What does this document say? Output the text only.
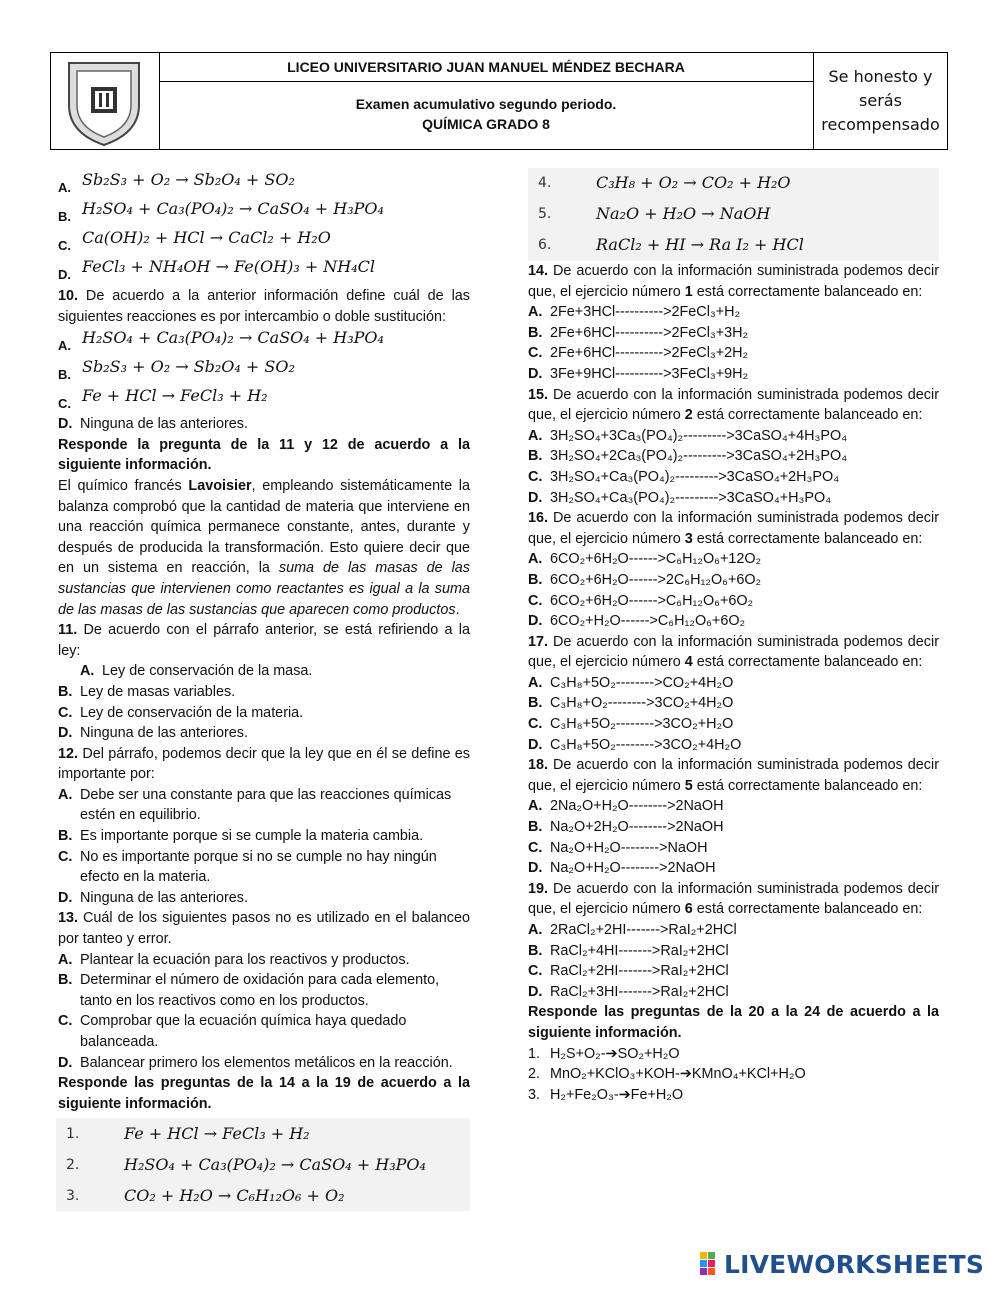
LICEO UNIVERSITARIO JUAN MANUEL MÉNDEZ BECHARA
Examen acumulativo segundo periodo.
QUÍMICA GRADO 8
Se honesto y serás recompensado
A. Sb₂S₃ + O₂ → Sb₂O₄ + SO₂
B. H₂SO₄ + Ca₃(PO₄)₂ → CaSO₄ + H₃PO₄
C. Ca(OH)₂ + HCl → CaCl₂ + H₂O
D. FeCl₃ + NH₄OH → Fe(OH)₃ + NH₄Cl

10. De acuerdo a la anterior información define cuál de las siguientes reacciones es por intercambio o doble sustitución:

A. H₂SO₄ + Ca₃(PO₄)₂ → CaSO₄ + H₃PO₄
B. Sb₂S₃ + O₂ → Sb₂O₄ + SO₂
C. Fe + HCl → FeCl₃ + H₂
D. Ninguna de las anteriores.

Responde la pregunta de la 11 y 12 de acuerdo a la siguiente información.

El químico francés Lavoisier, empleando sistemáticamente la balanza comprobó que la cantidad de materia que interviene en una reacción química permanece constante, antes, durante y después de producida la transformación. Esto quiere decir que en un sistema en reacción, la suma de las masas de las sustancias que intervienen como reactantes es igual a la suma de las masas de las sustancias que aparecen como productos.

11. De acuerdo con el párrafo anterior, se está refiriendo a la ley:

A. Ley de conservación de la masa.
B. Ley de masas variables.
C. Ley de conservación de la materia.
D. Ninguna de las anteriores.

12. Del párrafo, podemos decir que la ley que en él se define es importante por:

A. Debe ser una constante para que las reacciones químicas estén en equilibrio.
B. Es importante porque si se cumple la materia cambia.
C. No es importante porque si no se cumple no hay ningún efecto en la materia.
D. Ninguna de las anteriores.

13. Cuál de los siguientes pasos no es utilizado en el balanceo por tanteo y error.

A. Plantear la ecuación para los reactivos y productos.
B. Determinar el número de oxidación para cada elemento, tanto en los reactivos como en los productos.
C. Comprobar que la ecuación química haya quedado balanceada.
D. Balancear primero los elementos metálicos en la reacción.

Responde las preguntas de la 14 a la 19 de acuerdo a la siguiente información.

1.	Fe + HCl → FeCl₃ + H₂
2.	H₂SO₄ + Ca₃(PO₄)₂ → CaSO₄ + H₃PO₄
3.	CO₂ + H₂O → C₆H₁₂O₆ + O₂
4.	C₃H₈ + O₂ → CO₂ + H₂O
5.	Na₂O + H₂O → NaOH
6.	RaCl₂ + HI → Ra I₂ + HCl

14. De acuerdo con la información suministrada podemos decir que, el ejercicio número 1 está correctamente balanceado en:

A. 2Fe+3HCl---------->2FeCl₃+H₂
B. 2Fe+6HCl---------->2FeCl₃+3H₂
C. 2Fe+6HCl---------->2FeCl₃+2H₂
D. 3Fe+9HCl---------->3FeCl₃+9H₂

15. De acuerdo con la información suministrada podemos decir que, el ejercicio número 2 está correctamente balanceado en:

A. 3H₂SO₄+3Ca₃(PO₄)₂--------->3CaSO₄+4H₃PO₄
B. 3H₂SO₄+2Ca₃(PO₄)₂--------->3CaSO₄+2H₃PO₄
C. 3H₂SO₄+Ca₃(PO₄)₂--------->3CaSO₄+2H₃PO₄
D. 3H₂SO₄+Ca₃(PO₄)₂--------->3CaSO₄+H₃PO₄

16. De acuerdo con la información suministrada podemos decir que, el ejercicio número 3 está correctamente balanceado en:

A. 6CO₂+6H₂O------>C₆H₁₂O₆+12O₂
B. 6CO₂+6H₂O------>2C₆H₁₂O₆+6O₂
C. 6CO₂+6H₂O------>C₆H₁₂O₆+6O₂
D. 6CO₂+H₂O------>C₆H₁₂O₆+6O₂

17. De acuerdo con la información suministrada podemos decir que, el ejercicio número 4 está correctamente balanceado en:

A. C₃H₈+5O₂-------->CO₂+4H₂O
B. C₃H₈+O₂-------->3CO₂+4H₂O
C. C₃H₈+5O₂-------->3CO₂+H₂O
D. C₃H₈+5O₂-------->3CO₂+4H₂O

18. De acuerdo con la información suministrada podemos decir que, el ejercicio número 5 está correctamente balanceado en:

A. 2Na₂O+H₂O-------->2NaOH
B. Na₂O+2H₂O-------->2NaOH
C. Na₂O+H₂O-------->NaOH
D. Na₂O+H₂O-------->2NaOH

19. De acuerdo con la información suministrada podemos decir que, el ejercicio número 6 está correctamente balanceado en:

A. 2RaCl₂+2HI------->RaI₂+2HCl
B. RaCl₂+4HI------->RaI₂+2HCl
C. RaCl₂+2HI------->RaI₂+2HCl
D. RaCl₂+3HI------->RaI₂+2HCl

Responde las preguntas de la 20 a la 24 de acuerdo a la siguiente información.

1. H₂S+O₂-➔SO₂+H₂O
2. MnO₂+KClO₃+KOH-➔KMnO₄+KCl+H₂O
3. H₂+Fe₂O₃-➔Fe+H₂O
LIVEWORKSHEETS
